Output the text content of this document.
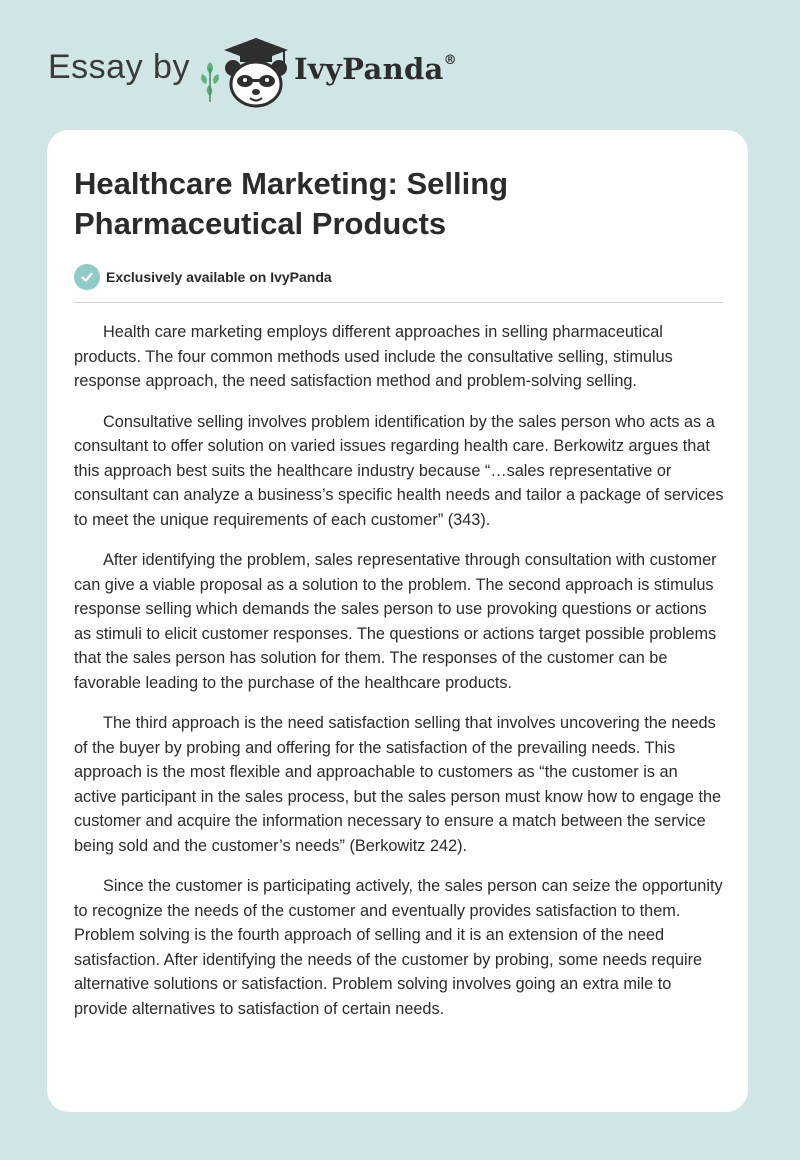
Essay by	IvyPanda®
Healthcare Marketing: Selling Pharmaceutical Products
Exclusively available on IvyPanda

Health care marketing employs different approaches in selling pharmaceutical products. The four common methods used include the consultative selling, stimulus response approach, the need satisfaction method and problem-solving selling.

Consultative selling involves problem identification by the sales person who acts as a consultant to offer solution on varied issues regarding health care. Berkowitz argues that this approach best suits the healthcare industry because “…sales representative or consultant can analyze a business’s specific health needs and tailor a package of services to meet the unique requirements of each customer” (343).

After identifying the problem, sales representative through consultation with customer can give a viable proposal as a solution to the problem. The second approach is stimulus response selling which demands the sales person to use provoking questions or actions as stimuli to elicit customer responses. The questions or actions target possible problems that the sales person has solution for them. The responses of the customer can be favorable leading to the purchase of the healthcare products.

The third approach is the need satisfaction selling that involves uncovering the needs of the buyer by probing and offering for the satisfaction of the prevailing needs. This approach is the most flexible and approachable to customers as “the customer is an active participant in the sales process, but the sales person must know how to engage the customer and acquire the information necessary to ensure a match between the service being sold and the customer’s needs” (Berkowitz 242).

Since the customer is participating actively, the sales person can seize the opportunity to recognize the needs of the customer and eventually provides satisfaction to them. Problem solving is the fourth approach of selling and it is an extension of the need satisfaction. After identifying the needs of the customer by probing, some needs require alternative solutions or satisfaction. Problem solving involves going an extra mile to provide alternatives to satisfaction of certain needs.
